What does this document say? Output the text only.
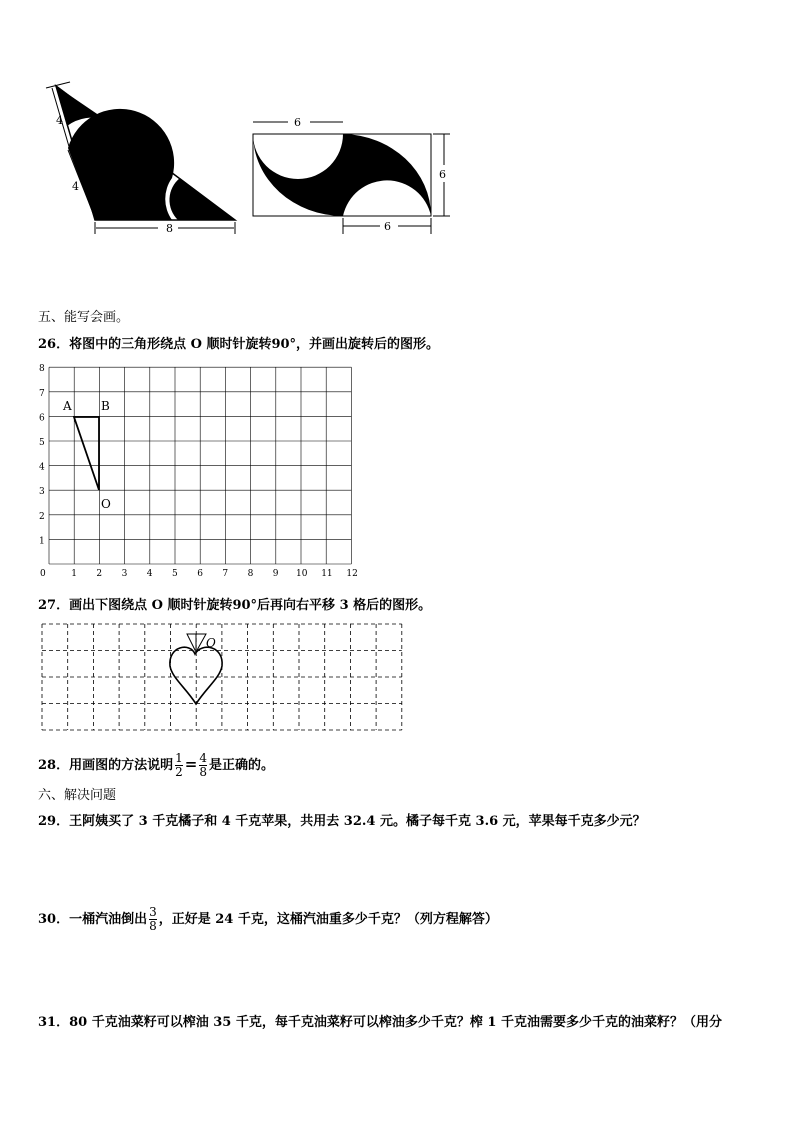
4
4
8
6
6
6
五、能写会画。
26．将图中的三角形绕点 O 顺时针旋转90°，并画出旋转后的图形。
0	1 2 3 4 5 6 7 8 9 10 11 12
1
2
3
4
5
6
7
8
A B
O
27．画出下图绕点 O 顺时针旋转90°后再向右平移 3 格后的图形。
O
28．用画图的方法说明 $\frac{1}{2} = \frac{4}{8}$ 是正确的。
六、解决问题
29．王阿姨买了 3 千克橘子和 4 千克苹果，共用去 32.4 元。橘子每千克 3.6 元，苹果每千克多少元？
30．一桶汽油倒出 $\frac{3}{8}$ ，正好是 24 千克，这桶汽油重多少千克？（列方程解答）
31．80 千克油菜籽可以榨油 35 千克，每千克油菜籽可以榨油多少千克？榨 1 千克油需要多少千克的油菜籽？（用分
